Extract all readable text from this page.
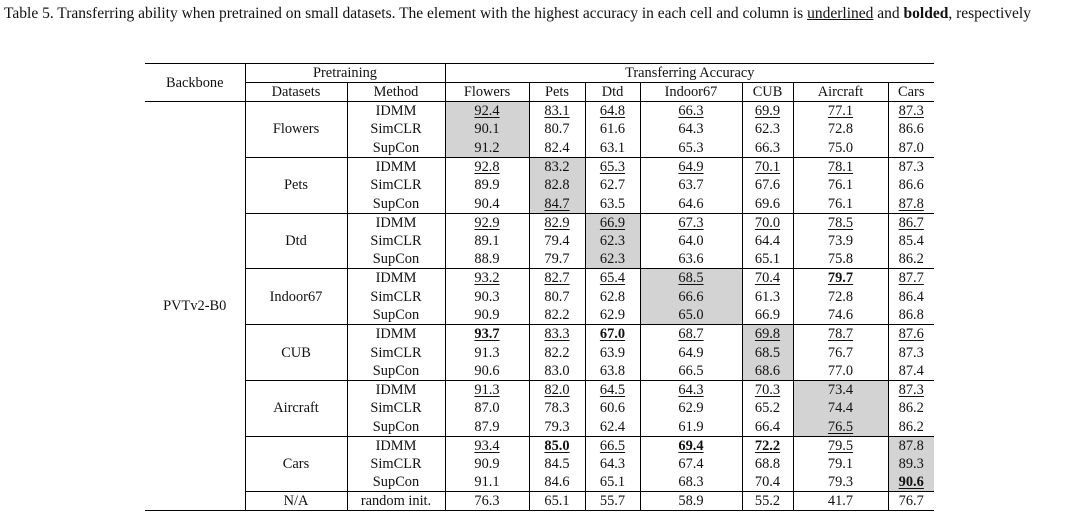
Table 5. Transferring ability when pretrained on small datasets. The element with the highest accuracy in each cell and column is underlined and bolded, respectively
Backbone	Pretraining		Transferring Accuracy						
	Datasets	Method	Flowers	Pets	Dtd	Indoor67	CUB	Aircraft	Cars
PVTv2-B0	Flowers	IDMM	92.4	83.1	64.8	66.3	69.9	77.1	87.3
		SimCLR	90.1	80.7	61.6	64.3	62.3	72.8	86.6
		SupCon	91.2	82.4	63.1	65.3	66.3	75.0	87.0
	Pets	IDMM	92.8	83.2	65.3	64.9	70.1	78.1	87.3
		SimCLR	89.9	82.8	62.7	63.7	67.6	76.1	86.6
		SupCon	90.4	84.7	63.5	64.6	69.6	76.1	87.8
	Dtd	IDMM	92.9	82.9	66.9	67.3	70.0	78.5	86.7
		SimCLR	89.1	79.4	62.3	64.0	64.4	73.9	85.4
		SupCon	88.9	79.7	62.3	63.6	65.1	75.8	86.2
	Indoor67	IDMM	93.2	82.7	65.4	68.5	70.4	79.7	87.7
		SimCLR	90.3	80.7	62.8	66.6	61.3	72.8	86.4
		SupCon	90.9	82.2	62.9	65.0	66.9	74.6	86.8
	CUB	IDMM	93.7	83.3	67.0	68.7	69.8	78.7	87.6
		SimCLR	91.3	82.2	63.9	64.9	68.5	76.7	87.3
		SupCon	90.6	83.0	63.8	66.5	68.6	77.0	87.4
	Aircraft	IDMM	91.3	82.0	64.5	64.3	70.3	73.4	87.3
		SimCLR	87.0	78.3	60.6	62.9	65.2	74.4	86.2
		SupCon	87.9	79.3	62.4	61.9	66.4	76.5	86.2
	Cars	IDMM	93.4	85.0	66.5	69.4	72.2	79.5	87.8
		SimCLR	90.9	84.5	64.3	67.4	68.8	79.1	89.3
		SupCon	91.1	84.6	65.1	68.3	70.4	79.3	90.6
	N/A	random init.	76.3	65.1	55.7	58.9	55.2	41.7	76.7
